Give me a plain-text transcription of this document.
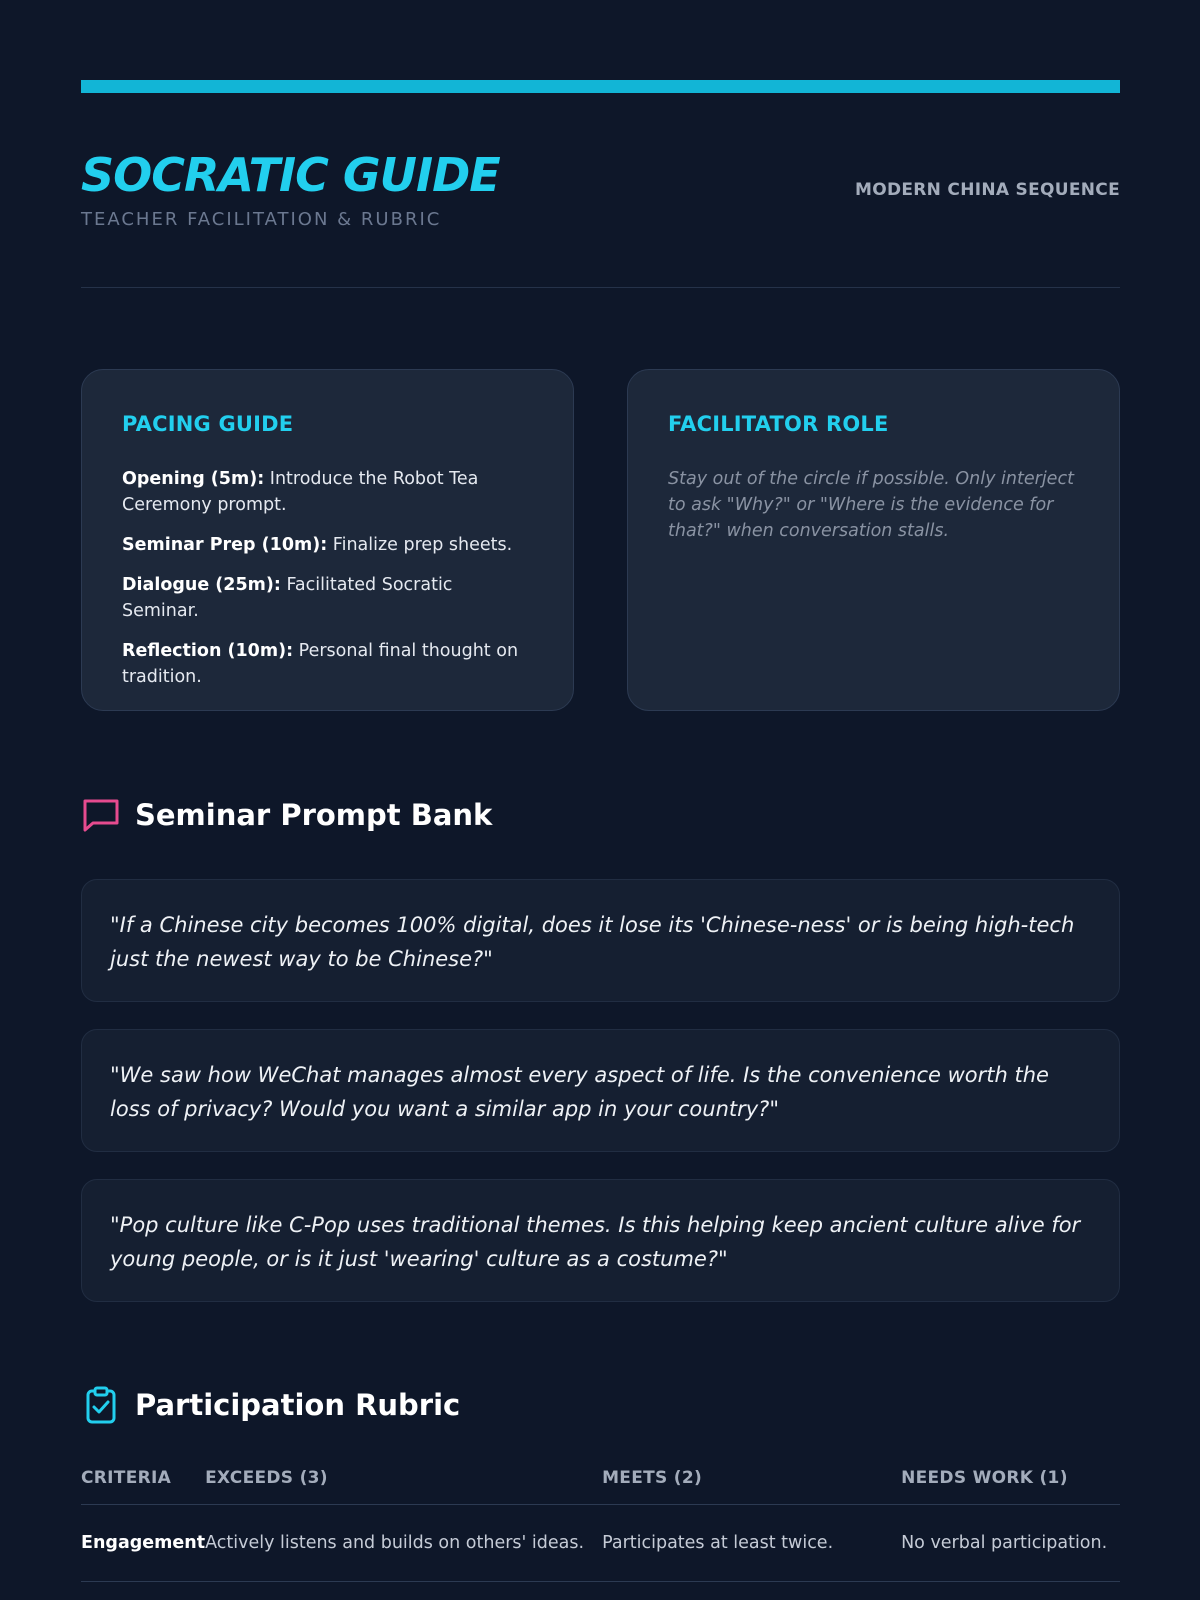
SOCRATIC GUIDE
TEACHER FACILITATION & RUBRIC
MODERN CHINA SEQUENCE
PACING GUIDE
Opening (5m): Introduce the Robot Tea Ceremony prompt.
Seminar Prep (10m): Finalize prep sheets.
Dialogue (25m): Facilitated Socratic Seminar.
Reflection (10m): Personal final thought on tradition.
FACILITATOR ROLE

Stay out of the circle if possible. Only interject to ask "Why?" or "Where is the evidence for that?" when conversation stalls.

Seminar Prompt Bank
"If a Chinese city becomes 100% digital, does it lose its 'Chinese-ness' or is being high-tech just the newest way to be Chinese?"
"We saw how WeChat manages almost every aspect of life. Is the convenience worth the loss of privacy? Would you want a similar app in your country?"
"Pop culture like C-Pop uses traditional themes. Is this helping keep ancient culture alive for young people, or is it just 'wearing' culture as a costume?"
Participation Rubric
CRITERIA	EXCEEDS (3)	MEETS (2)	NEEDS WORK (1)
Engagement	Actively listens and builds on others' ideas.	Participates at least twice.	No verbal participation.
